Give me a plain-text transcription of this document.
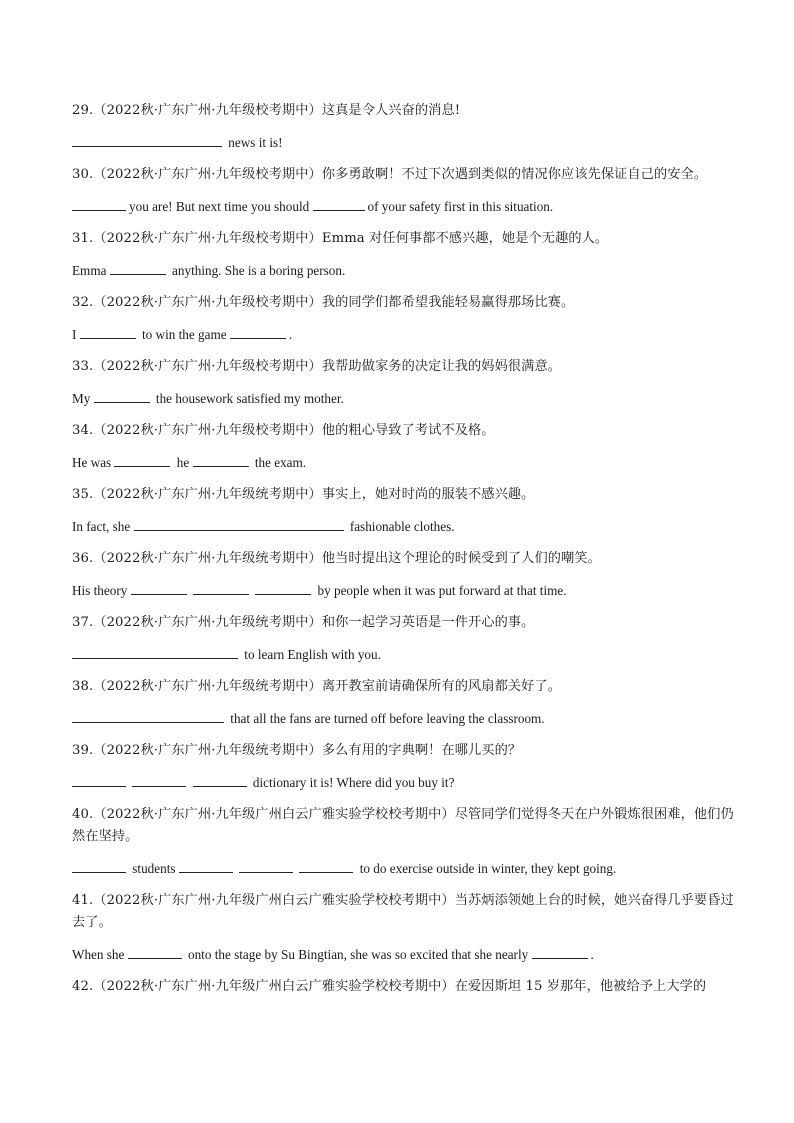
29.（2022秋·广东广州·九年级校考期中）这真是令人兴奋的消息!

news it is!

30.（2022秋·广东广州·九年级校考期中）你多勇敢啊！不过下次遇到类似的情况你应该先保证自己的安全。

you are! But next time you should	of your safety first in this situation.

31.（2022秋·广东广州·九年级校考期中）Emma 对任何事都不感兴趣，她是个无趣的人。

Emma	anything. She is a boring person.

32.（2022秋·广东广州·九年级校考期中）我的同学们都希望我能轻易赢得那场比赛。

I	to win the game	.

33.（2022秋·广东广州·九年级校考期中）我帮助做家务的决定让我的妈妈很满意。

My	the housework satisfied my mother.

34.（2022秋·广东广州·九年级校考期中）他的粗心导致了考试不及格。

He was	he	the exam.

35.（2022秋·广东广州·九年级统考期中）事实上，她对时尚的服装不感兴趣。

In fact, she	fashionable clothes.

36.（2022秋·广东广州·九年级统考期中）他当时提出这个理论的时候受到了人们的嘲笑。

His theory	by people when it was put forward at that time.

37.（2022秋·广东广州·九年级统考期中）和你一起学习英语是一件开心的事。

to learn English with you.

38.（2022秋·广东广州·九年级统考期中）离开教室前请确保所有的风扇都关好了。

that all the fans are turned off before leaving the classroom.

39.（2022秋·广东广州·九年级统考期中）多么有用的字典啊！在哪儿买的？

dictionary it is! Where did you buy it?

40.（2022秋·广东广州·九年级广州白云广雅实验学校校考期中）尽管同学们觉得冬天在户外锻炼很困难，他们仍然在坚持。

students	to do exercise outside in winter, they kept going.

41.（2022秋·广东广州·九年级广州白云广雅实验学校校考期中）当苏炳添领她上台的时候，她兴奋得几乎要昏过去了。

When she	onto the stage by Su Bingtian, she was so excited that she nearly	.

42.（2022秋·广东广州·九年级广州白云广雅实验学校校考期中）在爱因斯坦 15 岁那年，他被给予上大学的
